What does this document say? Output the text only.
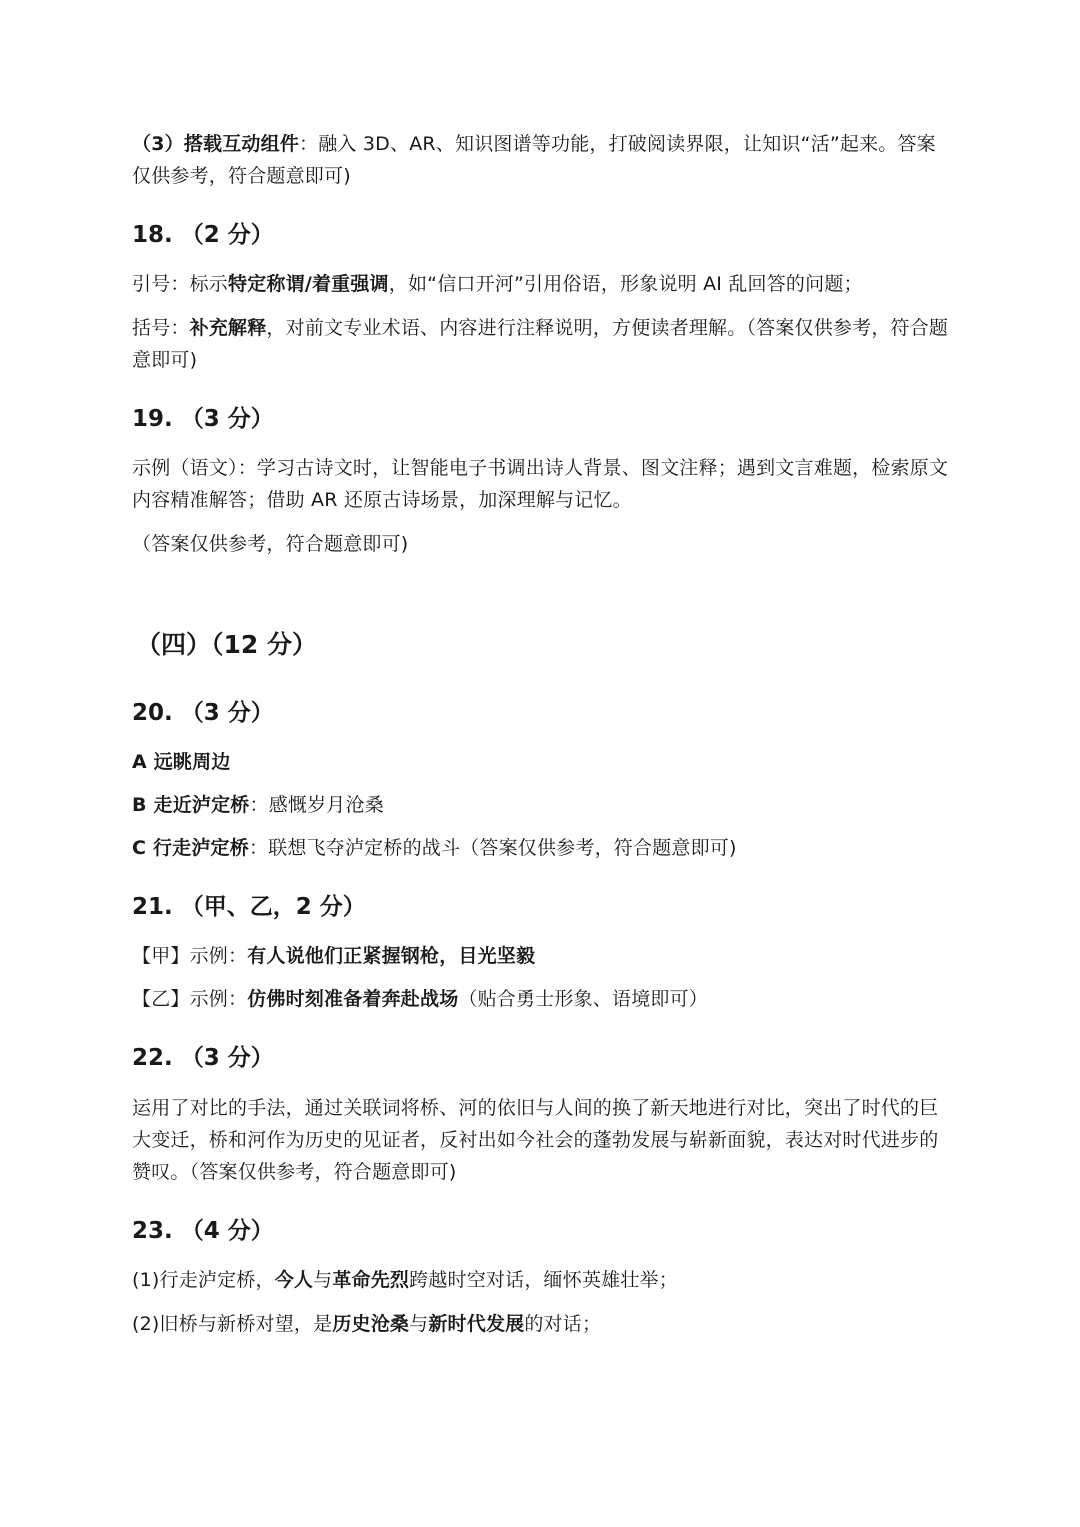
（3）搭载互动组件：融入 3D、AR、知识图谱等功能，打破阅读界限，让知识“活”起来。答案仅供参考，符合题意即可)

18. （2 分）

引号：标示特定称谓/着重强调，如“信口开河”引用俗语，形象说明 AI 乱回答的问题；

括号：补充解释，对前文专业术语、内容进行注释说明，方便读者理解。（答案仅供参考，符合题意即可)

19. （3 分）

示例（语文）：学习古诗文时，让智能电子书调出诗人背景、图文注释；遇到文言难题，检索原文内容精准解答；借助 AR 还原古诗场景，加深理解与记忆。

（答案仅供参考，符合题意即可)

（四）（12 分）
20. （3 分）

A 远眺周边

B 走近泸定桥：感慨岁月沧桑

C 行走泸定桥：联想飞夺泸定桥的战斗（答案仅供参考，符合题意即可)

21. （甲、乙，2 分）

【甲】示例：有人说他们正紧握钢枪，目光坚毅

【乙】示例：仿佛时刻准备着奔赴战场（贴合勇士形象、语境即可）

22. （3 分）

运用了对比的手法，通过关联词将桥、河的依旧与人间的换了新天地进行对比，突出了时代的巨大变迁，桥和河作为历史的见证者，反衬出如今社会的蓬勃发展与崭新面貌，表达对时代进步的赞叹。（答案仅供参考，符合题意即可)

23. （4 分）

(1)行走泸定桥，今人与革命先烈跨越时空对话，缅怀英雄壮举；

(2)旧桥与新桥对望，是历史沧桑与新时代发展的对话；
